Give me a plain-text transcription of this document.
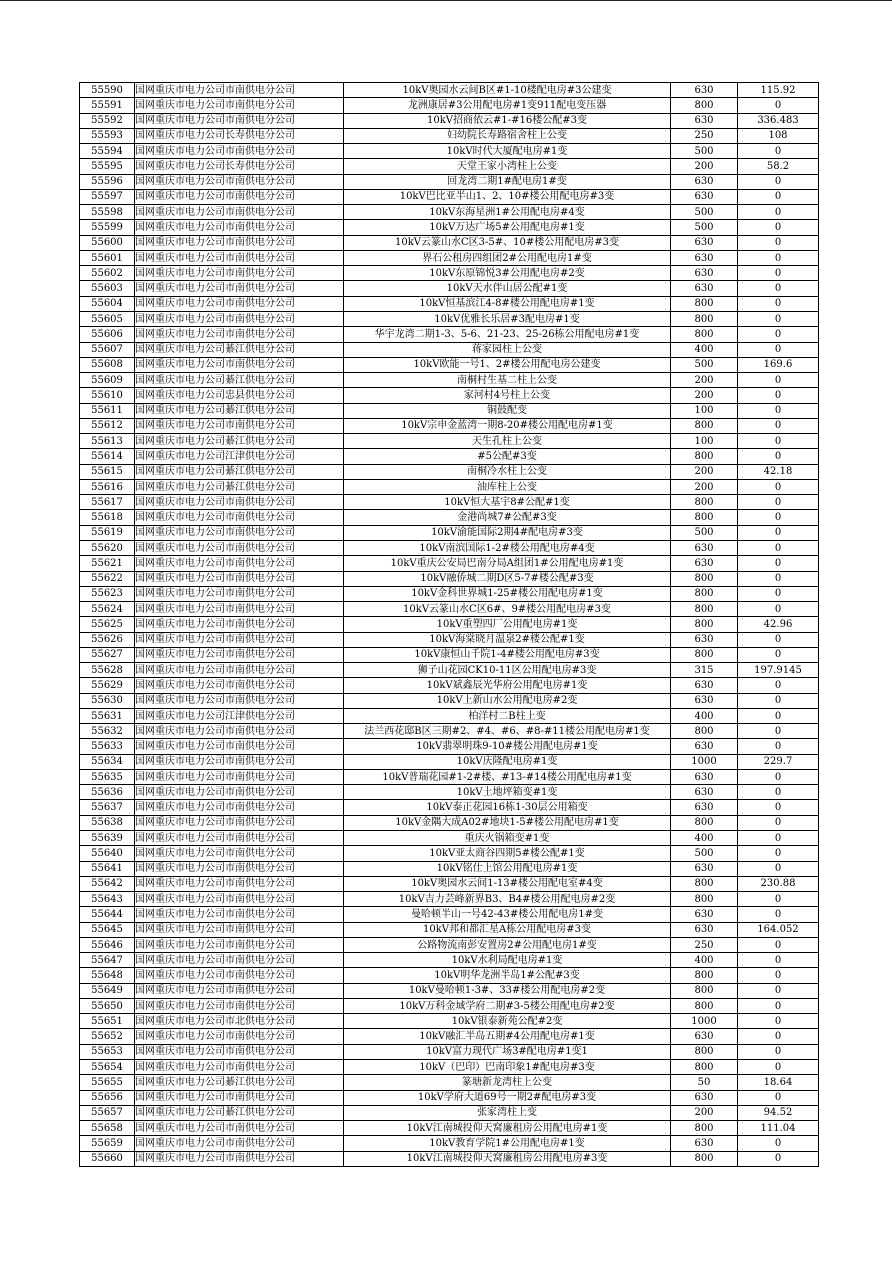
55590	国网重庆市电力公司市南供电分公司	10kV奥园水云间B区#1-10楼配电房#3公建变	630	115.92
55591	国网重庆市电力公司市南供电分公司	龙洲康居#3公用配电房#1变911配电变压器	800	0
55592	国网重庆市电力公司市南供电分公司	10kV招商依云#1-#16楼公配#3变	630	336.483
55593	国网重庆市电力公司长寿供电分公司	妇幼院长寿路宿舍柱上公变	250	108
55594	国网重庆市电力公司市南供电分公司	10kV时代大厦配电房#1变	500	0
55595	国网重庆市电力公司长寿供电分公司	天堂王家小湾柱上公变	200	58.2
55596	国网重庆市电力公司市南供电分公司	回龙湾二期1#配电房1#变	630	0
55597	国网重庆市电力公司市南供电分公司	10kV巴比亚半山1、2、10#楼公用配电房#3变	630	0
55598	国网重庆市电力公司市南供电分公司	10kV东海星洲1#公用配电房#4变	500	0
55599	国网重庆市电力公司市南供电分公司	10kV万达广场5#公用配电房#1变	500	0
55600	国网重庆市电力公司市南供电分公司	10kV云篆山水C区3-5#、10#楼公用配电房#3变	630	0
55601	国网重庆市电力公司市南供电分公司	界石公租房四组团2#公用配电房1#变	630	0
55602	国网重庆市电力公司市南供电分公司	10kV东原锦悦3#公用配电房#2变	630	0
55603	国网重庆市电力公司市南供电分公司	10kV天水伴山居公配#1变	630	0
55604	国网重庆市电力公司市南供电分公司	10kV恒基滨江4-8#楼公用配电房#1变	800	0
55605	国网重庆市电力公司市南供电分公司	10kV优雅长乐居#3配电房#1变	800	0
55606	国网重庆市电力公司市南供电分公司	华宇龙湾二期1-3、5-6、21-23、25-26栋公用配电房#1变	800	0
55607	国网重庆市电力公司綦江供电分公司	蒋家园柱上公变	400	0
55608	国网重庆市电力公司市南供电分公司	10kV欧能一号1、2#楼公用配电房公建变	500	169.6
55609	国网重庆市电力公司綦江供电分公司	南桐村生基二柱上公变	200	0
55610	国网重庆市电力公司忠县供电分公司	家河村4号柱上公变	200	0
55611	国网重庆市电力公司綦江供电分公司	铜鼓配变	100	0
55612	国网重庆市电力公司市南供电分公司	10kV宗申金蓝湾一期8-20#楼公用配电房#1变	800	0
55613	国网重庆市电力公司綦江供电分公司	天生孔柱上公变	100	0
55614	国网重庆市电力公司江津供电分公司	#5公配#3变	800	0
55615	国网重庆市电力公司綦江供电分公司	南桐冷水柱上公变	200	42.18
55616	国网重庆市电力公司綦江供电分公司	油库柱上公变	200	0
55617	国网重庆市电力公司市南供电分公司	10kV恒大基宇8#公配#1变	800	0
55618	国网重庆市电力公司市南供电分公司	金港尚城7#公配#3变	800	0
55619	国网重庆市电力公司市南供电分公司	10kV渝能国际2期4#配电房#3变	500	0
55620	国网重庆市电力公司市南供电分公司	10kV南滨国际1-2#楼公用配电房#4变	630	0
55621	国网重庆市电力公司市南供电分公司	10kV重庆公安局巴南分局A组团1#公用配电房#1变	630	0
55622	国网重庆市电力公司市南供电分公司	10kV融侨城二期D区5-7#楼公配#3变	800	0
55623	国网重庆市电力公司市南供电分公司	10kV金科世界城1-25#楼公用配电房#1变	800	0
55624	国网重庆市电力公司市南供电分公司	10kV云篆山水C区6#、9#楼公用配电房#3变	800	0
55625	国网重庆市电力公司市南供电分公司	10kV重塑四厂公用配电房#1变	800	42.96
55626	国网重庆市电力公司市南供电分公司	10kV海棠晓月温泉2#楼公配#1变	630	0
55627	国网重庆市电力公司市南供电分公司	10kV康恒山千院1-4#楼公用配电房#3变	800	0
55628	国网重庆市电力公司市南供电分公司	狮子山花园CK10-11区公用配电房#3变	315	197.9145
55629	国网重庆市电力公司市南供电分公司	10kV斌鑫辰光华府公用配电房#1变	630	0
55630	国网重庆市电力公司市南供电分公司	10kV上新山水公用配电房#2变	630	0
55631	国网重庆市电力公司江津供电分公司	柏洋村二B柱上变	400	0
55632	国网重庆市电力公司市南供电分公司	法兰西花邸B区三期#2、#4、#6、#8-#11楼公用配电房#1变	800	0
55633	国网重庆市电力公司市南供电分公司	10kV翡翠明珠9-10#楼公用配电房#1变	630	0
55634	国网重庆市电力公司市南供电分公司	10kV庆隆配电房#1变	1000	229.7
55635	国网重庆市电力公司市南供电分公司	10kV普瑞花园#1-2#楼、#13-#14楼公用配电房#1变	630	0
55636	国网重庆市电力公司市南供电分公司	10kV土地坪箱变#1变	630	0
55637	国网重庆市电力公司市南供电分公司	10kV泰正花园16栋1-30层公用箱变	630	0
55638	国网重庆市电力公司市南供电分公司	10kV金隅大成A02#地块1-5#楼公用配电房#1变	800	0
55639	国网重庆市电力公司市南供电分公司	重庆火锅箱变#1变	400	0
55640	国网重庆市电力公司市南供电分公司	10kV亚太商谷四期5#楼公配#1变	500	0
55641	国网重庆市电力公司市南供电分公司	10kV铭仕上馆公用配电房#1变	630	0
55642	国网重庆市电力公司市南供电分公司	10kV奥园水云间1-13#楼公用配电室#4变	800	230.88
55643	国网重庆市电力公司市南供电分公司	10kV吉力芸峰新界B3、B4#楼公用配电房#2变	800	0
55644	国网重庆市电力公司市南供电分公司	曼哈顿半山一号42-43#楼公用配电房1#变	630	0
55645	国网重庆市电力公司市南供电分公司	10kV邦和都汇星A栋公用配电房#3变	630	164.052
55646	国网重庆市电力公司市南供电分公司	公路物流南彭安置房2#公用配电房1#变	250	0
55647	国网重庆市电力公司市南供电分公司	10kV水利局配电房#1变	400	0
55648	国网重庆市电力公司市南供电分公司	10kV明华龙洲半岛1#公配#3变	800	0
55649	国网重庆市电力公司市南供电分公司	10kV曼哈顿1-3#、33#楼公用配电房#2变	800	0
55650	国网重庆市电力公司市南供电分公司	10kV万科金域学府二期#3-5楼公用配电房#2变	800	0
55651	国网重庆市电力公司市北供电分公司	10kV银泰新苑公配#2变	1000	0
55652	国网重庆市电力公司市南供电分公司	10kV融汇半岛五期#4公用配电房#1变	630	0
55653	国网重庆市电力公司市南供电分公司	10kV富力现代广场3#配电房#1变1	800	0
55654	国网重庆市电力公司市南供电分公司	10kV（巴印）巴南印象1#配电房#3变	800	0
55655	国网重庆市电力公司綦江供电分公司	篆塘新龙湾柱上公变	50	18.64
55656	国网重庆市电力公司市南供电分公司	10kV学府大道69号一期2#配电房#3变	630	0
55657	国网重庆市电力公司綦江供电分公司	张家湾柱上变	200	94.52
55658	国网重庆市电力公司市南供电分公司	10kV江南城投仰天窝廉租房公用配电房#1变	800	111.04
55659	国网重庆市电力公司市南供电分公司	10kV教育学院1#公用配电房#1变	630	0
55660	国网重庆市电力公司市南供电分公司	10kV江南城投仰天窝廉租房公用配电房#3变	800	0
